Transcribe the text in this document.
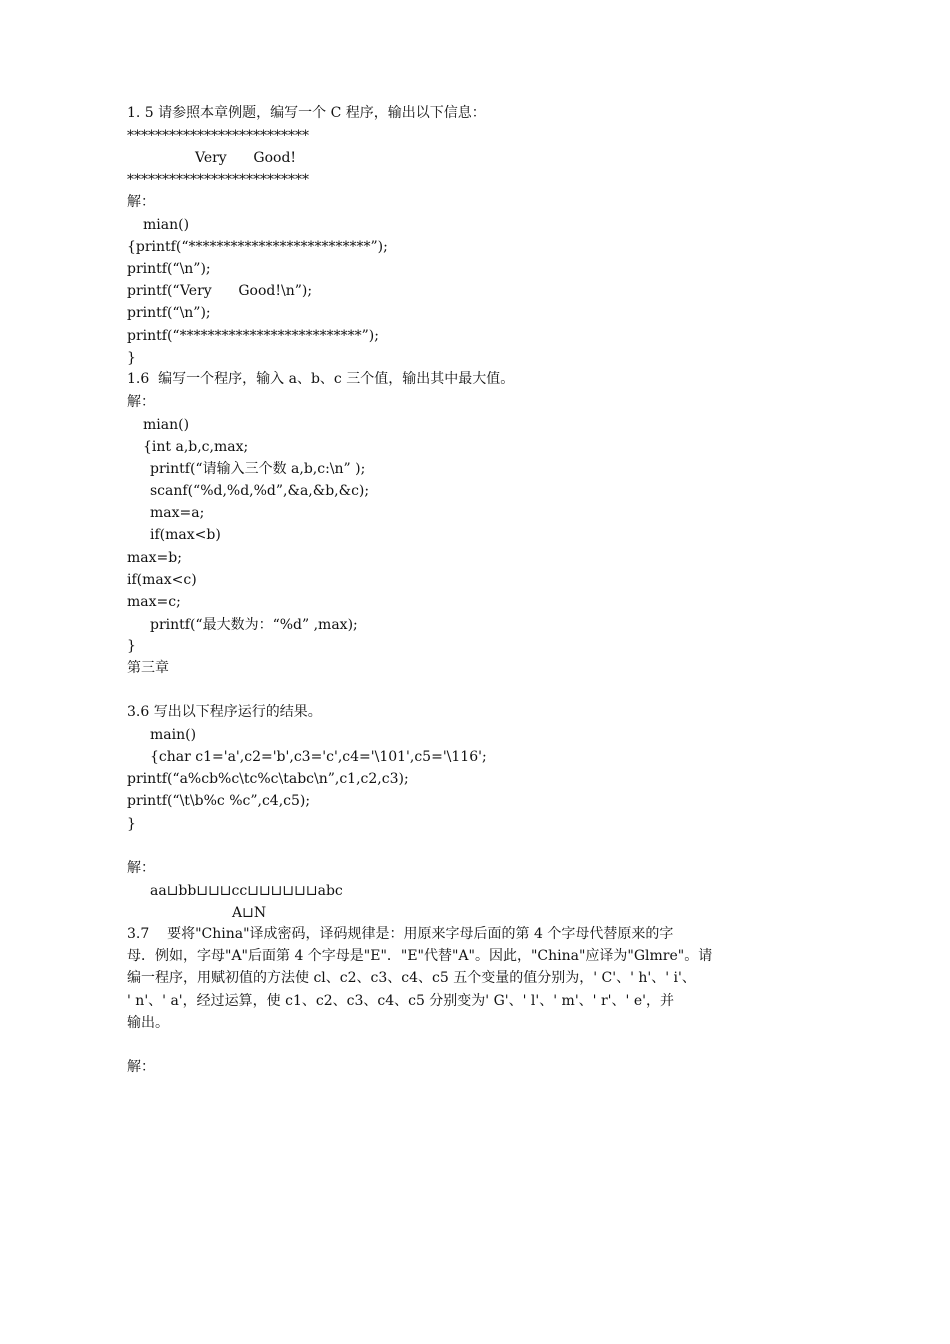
1. 5 请参照本章例题，编写一个 C 程序，输出以下信息：
**************************
Very      Good!
**************************
解：
mian()
{printf(“**************************”);
printf(“\n”);
printf(“Very      Good!\n”);
printf(“\n”);
printf(“**************************”);
}
1.6  编写一个程序，输入 a、b、c 三个值，输出其中最大值。
解：
mian()
{int a,b,c,max;
printf(“请输入三个数 a,b,c:\n” );
scanf(“%d,%d,%d”,&a,&b,&c);
max=a;
if(max<b)
max=b;
if(max<c)
max=c;
printf(“最大数为：“%d” ,max);
}
第三章
3.6 写出以下程序运行的结果。
main()
{char c1='a',c2='b',c3='c',c4='\101',c5='\116';
printf(“a%cb%c\tc%c\tabc\n”,c1,c2,c3);
printf(“\t\b%c %c”,c4,c5);
}
解：
aa⊔bb⊔⊔⊔cc⊔⊔⊔⊔⊔⊔abc
A⊔N
3.7    要将"China"译成密码，译码规律是：用原来字母后面的第 4 个字母代替原来的字
母．例如，字母"A"后面第 4 个字母是"E"．"E"代替"A"。因此，"China"应译为"Glmre"。请
编一程序，用赋初值的方法使 cl、c2、c3、c4、c5 五个变量的值分别为，' C'、' h'、' i'、
' n'、' a'，经过运算，使 c1、c2、c3、c4、c5 分别变为' G'、' l'、' m'、' r'、' e'，并
输出。
解：
